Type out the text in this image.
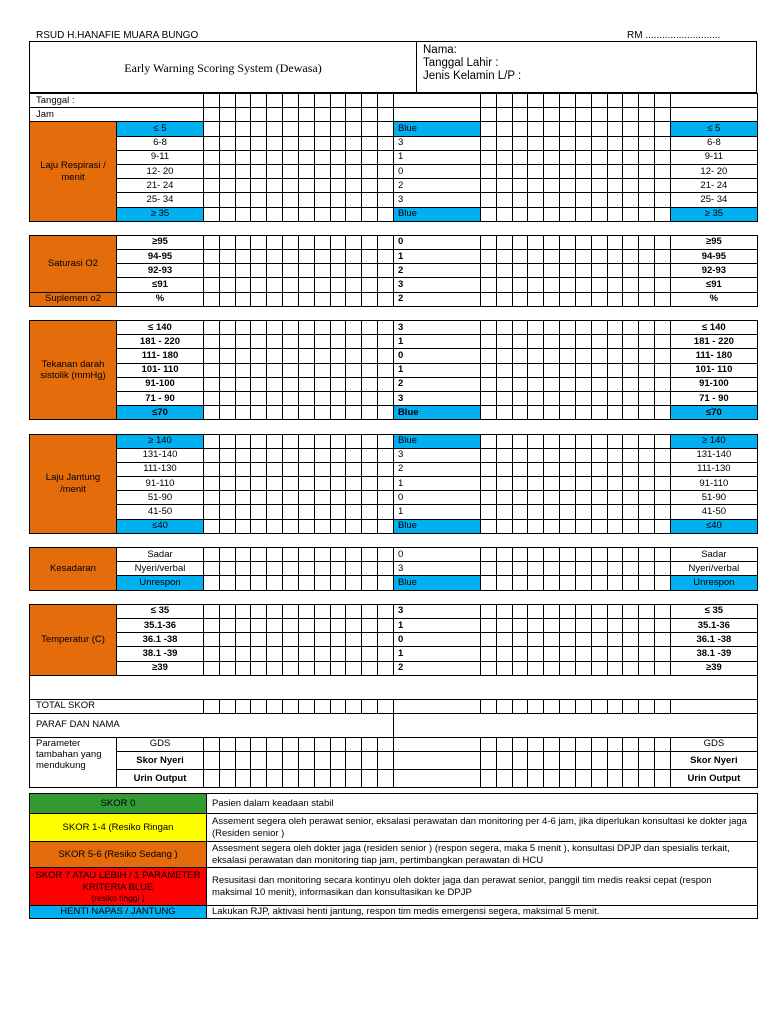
RSUD H.HANAFIE MUARA BUNGO	RM ...........................
Early Warning Scoring System (Dewasa)
Nama:
Tanggal Lahir :
Jenis Kelamin L/P :
Tanggal :																											
Jam																											
Laju Respirasi / menit	≤ 5													Blue													≤ 5
	6-8													3													6-8
	9-11													1													9-11
	12- 20													0													12- 20
	21- 24													2													21- 24
	25- 34													3													25- 34
	≥ 35													Blue													≥ 35

Saturasi O2	≥95													0													≥95
	94-95													1													94-95
	92-93													2													92-93
	≤91													3													≤91
Suplemen o2	%													2													%

Tekanan darah sistolik (mmHg)	≤ 140													3													≤ 140
	181 - 220													1													181 - 220
	111- 180													0													111- 180
	101- 110													1													101- 110
	91-100													2													91-100
	71 - 90													3													71 - 90
	≤70													Blue													≤70

Laju Jantung /menit	≥ 140													Blue													≥ 140
	131-140													3													131-140
	111-130													2													111-130
	91-110													1													91-110
	51-90													0													51-90
	41-50													1													41-50
	≤40													Blue													≤40

Kesadaran	Sadar													0													Sadar
	Nyeri/verbal													3													Nyeri/verbal
	Unrespon													Blue													Unrespon

Temperatur (C)	≤ 35													3													≤ 35
	35.1-36													1													35.1-36
	36.1 -38													0													36.1 -38
	38.1 -39													1													38.1 -39
	≥39													2													≥39

TOTAL SKOR																											
PARAF DAN NAMA																											
Parameter tambahan yang mendukung	GDS																										GDS
	Skor Nyeri																										Skor Nyeri
	Urin Output																										Urin Output
SKOR 0	Pasien dalam keadaan stabil

SKOR 1-4 (Resiko Ringan	Assement segera oleh perawat senior, eksalasi perawatan dan monitoring per 4-6 jam, jika diperlukan konsultasi ke dokter jaga (Residen senior )

SKOR 5-6 (Resiko Sedang )	Assesment segera oleh dokter jaga (residen senior ) (respon segera, maka 5 menit ), konsultasi DPJP dan spesialis terkait, eksalasi perawatan dan monitoring tiap jam, pertimbangkan perawatan di HCU

SKOR 7 ATAU LEBIH / 1 PARAMETER KRITERIA BLUE
(resiko tinggi )	Resusitasi dan monitoring secara kontinyu oleh dokter jaga dan perawat senior, panggil tim medis reaksi cepat (respon maksimal 10 menit), informasikan dan konsultasikan ke DPJP

HENTI NAPAS / JANTUNG	Lakukan RJP, aktivasi henti jantung, respon tim medis emergensi segera, maksimal 5 menit.
